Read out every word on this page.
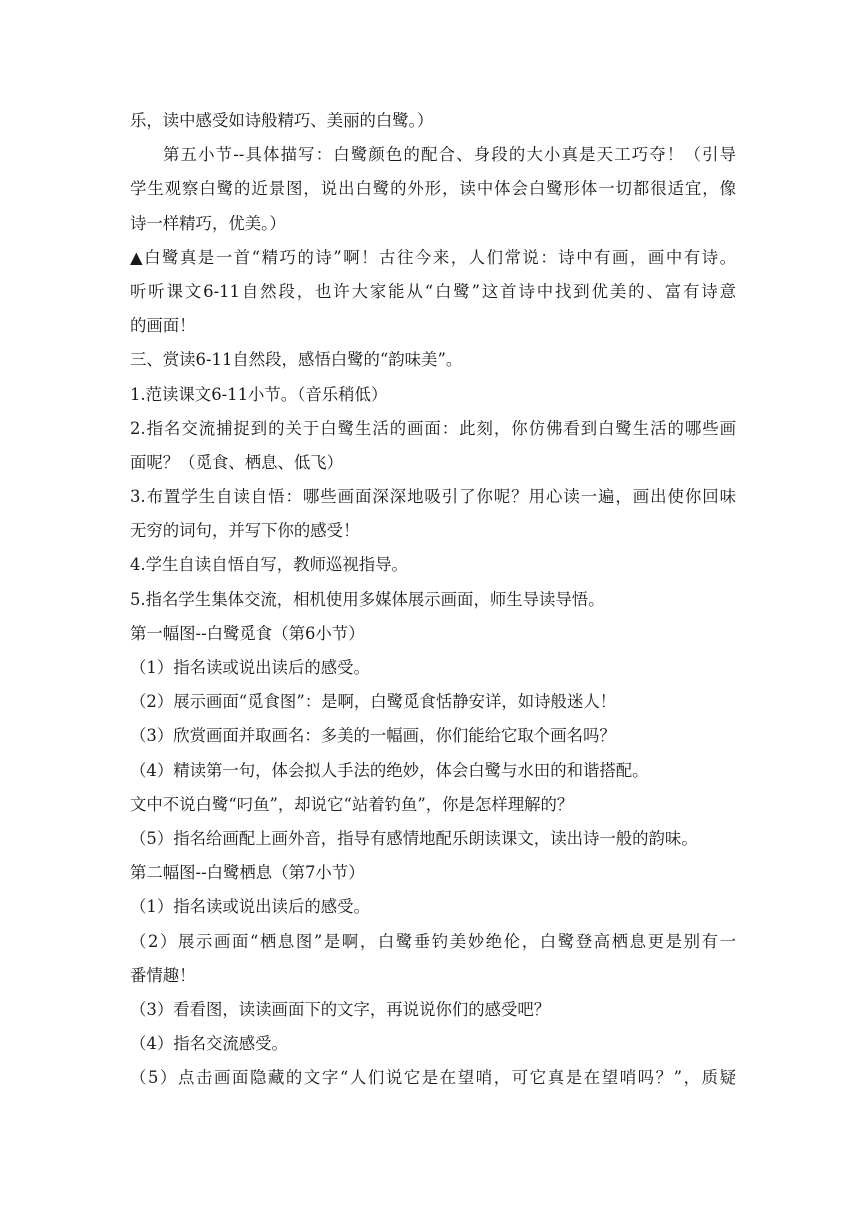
乐，读中感受如诗般精巧、美丽的白鹭。）
第五小节--具体描写：白鹭颜色的配合、身段的大小真是天工巧夺！（引导
学生观察白鹭的近景图，说出白鹭的外形，读中体会白鹭形体一切都很适宜，像
诗一样精巧，优美。）
▲白鹭真是一首“精巧的诗”啊！古往今来，人们常说：诗中有画，画中有诗。
听听课文6-11自然段，也许大家能从“白鹭”这首诗中找到优美的、富有诗意
的画面！
三、赏读6-11自然段，感悟白鹭的“韵味美”。
1.范读课文6-11小节。（音乐稍低）
2.指名交流捕捉到的关于白鹭生活的画面：此刻，你仿佛看到白鹭生活的哪些画
面呢？（觅食、栖息、低飞）
3.布置学生自读自悟：哪些画面深深地吸引了你呢？用心读一遍，画出使你回味
无穷的词句，并写下你的感受！
4.学生自读自悟自写，教师巡视指导。
5.指名学生集体交流，相机使用多媒体展示画面，师生导读导悟。
第一幅图--白鹭觅食（第6小节）
（1）指名读或说出读后的感受。
（2）展示画面“觅食图”：是啊，白鹭觅食恬静安详，如诗般迷人！
（3）欣赏画面并取画名：多美的一幅画，你们能给它取个画名吗？
（4）精读第一句，体会拟人手法的绝妙，体会白鹭与水田的和谐搭配。
文中不说白鹭“叼鱼”，却说它“站着钓鱼”，你是怎样理解的？
（5）指名给画配上画外音，指导有感情地配乐朗读课文，读出诗一般的韵味。
第二幅图--白鹭栖息（第7小节）
（1）指名读或说出读后的感受。
（2）展示画面“栖息图”是啊，白鹭垂钓美妙绝伦，白鹭登高栖息更是别有一
番情趣！
（3）看看图，读读画面下的文字，再说说你们的感受吧？
（4）指名交流感受。
（5）点击画面隐藏的文字“人们说它是在望哨，可它真是在望哨吗？”，质疑
